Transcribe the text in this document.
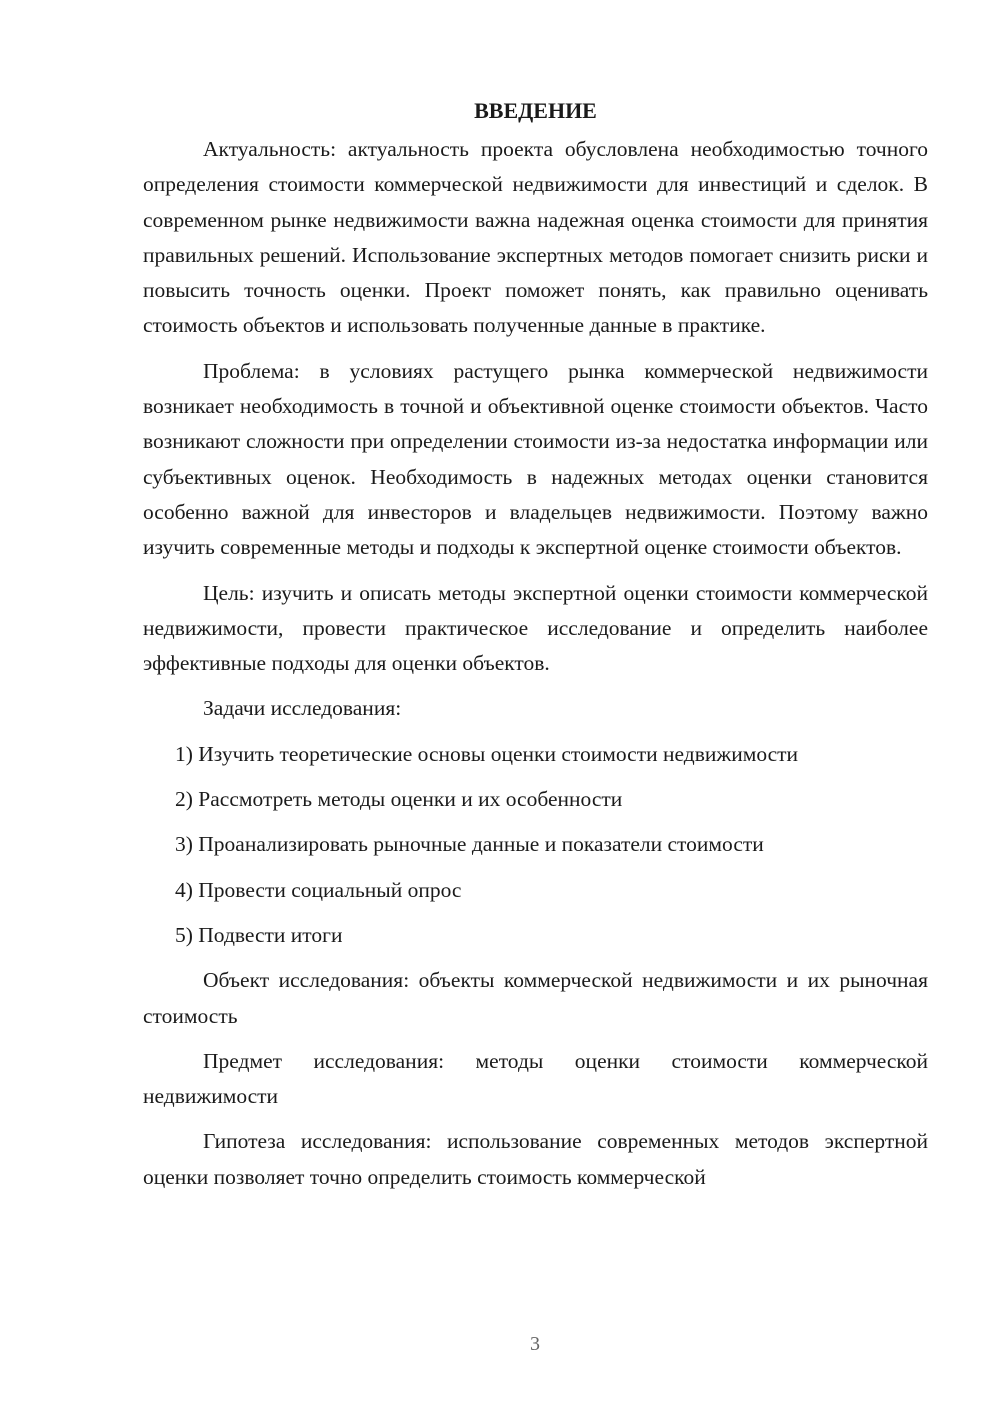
ВВЕДЕНИЕ

Актуальность: актуальность проекта обусловлена необходимостью точного определения стоимости коммерческой недвижимости для инвестиций и сделок. В современном рынке недвижимости важна надежная оценка стоимости для принятия правильных решений. Использование экспертных методов помогает снизить риски и повысить точность оценки. Проект поможет понять, как правильно оценивать стоимость объектов и использовать полученные данные в практике.

Проблема: в условиях растущего рынка коммерческой недвижимости возникает необходимость в точной и объективной оценке стоимости объектов. Часто возникают сложности при определении стоимости из-за недостатка информации или субъективных оценок. Необходимость в надежных методах оценки становится особенно важной для инвесторов и владельцев недвижимости. Поэтому важно изучить современные методы и подходы к экспертной оценке стоимости объектов.

Цель: изучить и описать методы экспертной оценки стоимости коммерческой недвижимости, провести практическое исследование и определить наиболее эффективные подходы для оценки объектов.

Задачи исследования:

1) Изучить теоретические основы оценки стоимости недвижимости
2) Рассмотреть методы оценки и их особенности
3) Проанализировать рыночные данные и показатели стоимости
4) Провести социальный опрос
5) Подвести итоги

Объект исследования: объекты коммерческой недвижимости и их рыночная стоимость

Предмет исследования: методы оценки стоимости коммерческой недвижимости

Гипотеза исследования: использование современных методов экспертной оценки позволяет точно определить стоимость коммерческой

3
